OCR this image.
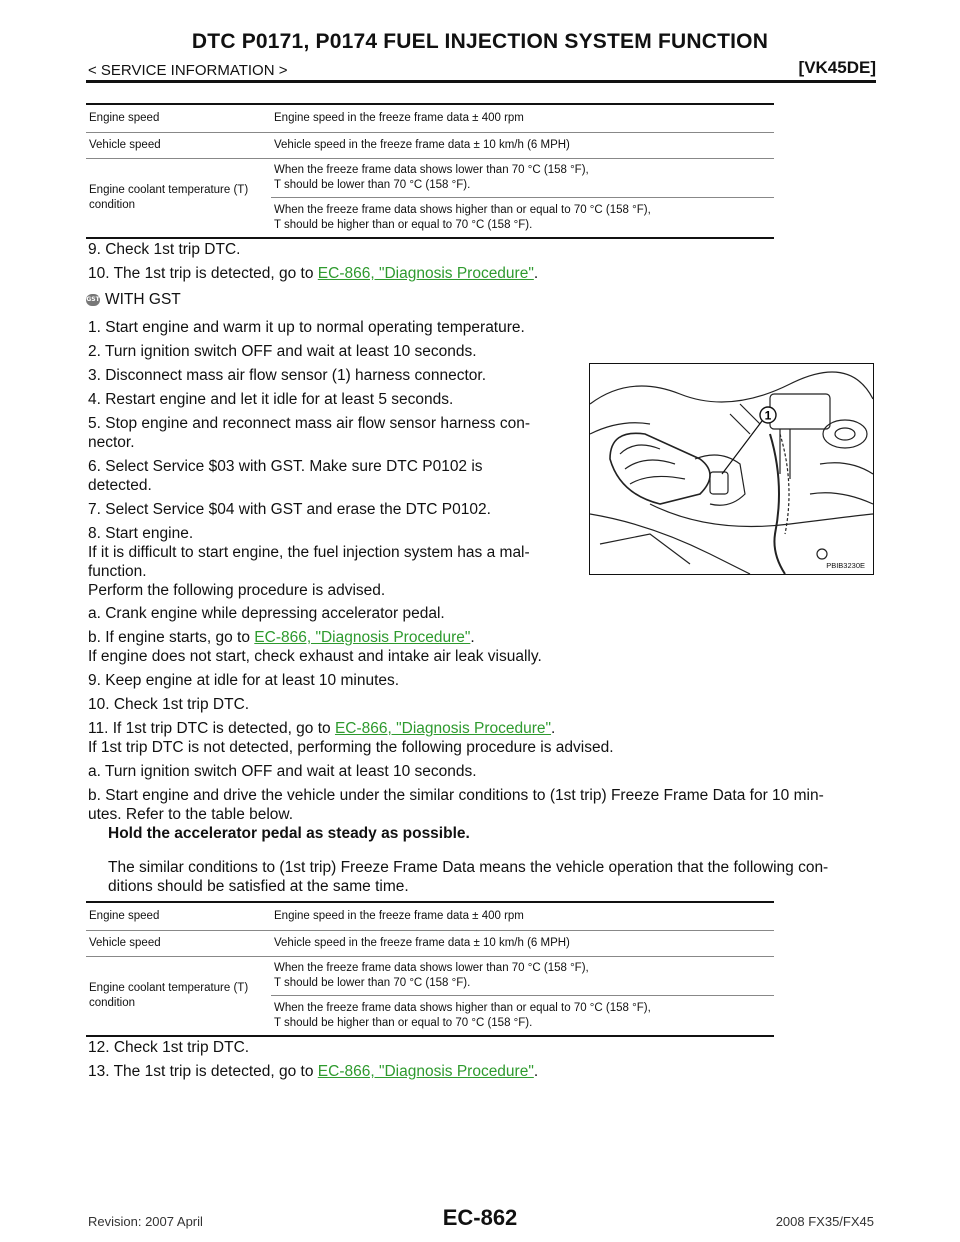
DTC P0171, P0174 FUEL INJECTION SYSTEM FUNCTION
< SERVICE INFORMATION >	[VK45DE]
Engine speed	Engine speed in the freeze frame data ± 400 rpm
Vehicle speed	Vehicle speed in the freeze frame data ± 10 km/h (6 MPH)
Engine coolant temperature (T)
condition	When the freeze frame data shows lower than 70 °C (158 °F),
T should be lower than 70 °C (158 °F).
	When the freeze frame data shows higher than or equal to 70 °C (158 °F),
T should be higher than or equal to 70 °C (158 °F).
9. Check 1st trip DTC.
10. The 1st trip is detected, go to EC-866, "Diagnosis Procedure".
GST WITH GST
1. Start engine and warm it up to normal operating temperature.
2. Turn ignition switch OFF and wait at least 10 seconds.
3. Disconnect mass air flow sensor (1) harness connector.
4. Restart engine and let it idle for at least 5 seconds.
5. Stop engine and reconnect mass air flow sensor harness con-
nector.
6. Select Service $03 with GST. Make sure DTC P0102 is
detected.
7. Select Service $04 with GST and erase the DTC P0102.
8. Start engine.
If it is difficult to start engine, the fuel injection system has a mal-
function.
Perform the following procedure is advised.
a. Crank engine while depressing accelerator pedal.
1
PBIB3230E
b. If engine starts, go to EC-866, "Diagnosis Procedure".
If engine does not start, check exhaust and intake air leak visually.
9. Keep engine at idle for at least 10 minutes.
10. Check 1st trip DTC.
11. If 1st trip DTC is detected, go to EC-866, "Diagnosis Procedure".
If 1st trip DTC is not detected, performing the following procedure is advised.
a. Turn ignition switch OFF and wait at least 10 seconds.
b. Start engine and drive the vehicle under the similar conditions to (1st trip) Freeze Frame Data for 10 min-
utes. Refer to the table below.
Hold the accelerator pedal as steady as possible.
The similar conditions to (1st trip) Freeze Frame Data means the vehicle operation that the following con-
ditions should be satisfied at the same time.
Engine speed	Engine speed in the freeze frame data ± 400 rpm
Vehicle speed	Vehicle speed in the freeze frame data ± 10 km/h (6 MPH)
Engine coolant temperature (T)
condition	When the freeze frame data shows lower than 70 °C (158 °F),
T should be lower than 70 °C (158 °F).
	When the freeze frame data shows higher than or equal to 70 °C (158 °F),
T should be higher than or equal to 70 °C (158 °F).
12. Check 1st trip DTC.
13. The 1st trip is detected, go to EC-866, "Diagnosis Procedure".
EC-862
Revision: 2007 April	2008 FX35/FX45
